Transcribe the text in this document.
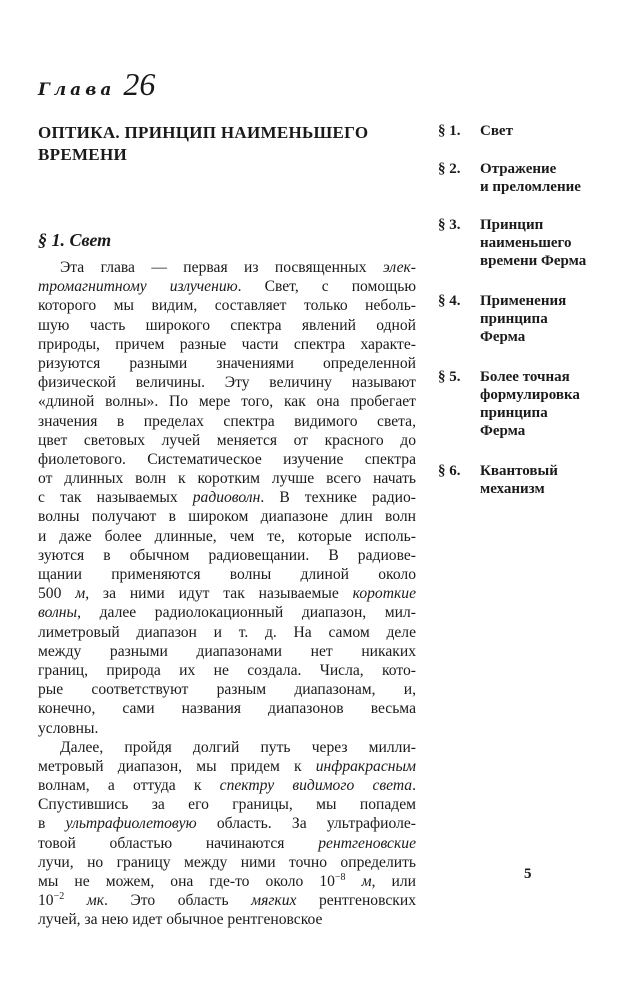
Глава 26
ОПТИКА. ПРИНЦИП НАИМЕНЬШЕГО
ВРЕМЕНИ
§ 1. Свет
Эта глава — первая из посвященных элек-
тромагнитному излучению. Свет, с помощью
которого мы видим, составляет только неболь-
шую часть широкого спектра явлений одной
природы, причем разные части спектра характе-
ризуются разными значениями определенной
физической величины. Эту величину называют
«длиной волны». По мере того, как она пробегает
значения в пределах спектра видимого света,
цвет световых лучей меняется от красного до
фиолетового. Систематическое изучение спектра
от длинных волн к коротким лучше всего начать
с так называемых радиоволн. В технике радио-
волны получают в широком диапазоне длин волн
и даже более длинные, чем те, которые исполь-
зуются в обычном радиовещании. В радиове-
щании применяются волны длиной около
500 м, за ними идут так называемые короткие
волны, далее радиолокационный диапазон, мил-
лиметровый диапазон и т. д. На самом деле
между разными диапазонами нет никаких
границ, природа их не создала. Числа, кото-
рые соответствуют разным диапазонам, и,
конечно, сами названия диапазонов весьма
условны.
Далее, пройдя долгий путь через милли-
метровый диапазон, мы придем к инфракрасным
волнам, а оттуда к спектру видимого света.
Спустившись за его границы, мы попадем
в ультрафиолетовую область. За ультрафиоле-
товой областью начинаются рентгеновские
лучи, но границу между ними точно определить
мы не можем, она где-то около $10^{-8}$ м, или
$10^{-2}$ мк. Это область мягких рентгеновских
лучей, за нею идет обычное рентгеновское
§ 1.	Свет
§ 2.	Отражение
и преломление
§ 3.	Принцип
наименьшего
времени Ферма
§ 4.	Применения
принципа
Ферма
§ 5.	Более точная
формулировка
принципа
Ферма
§ 6.	Квантовый
механизм
5
